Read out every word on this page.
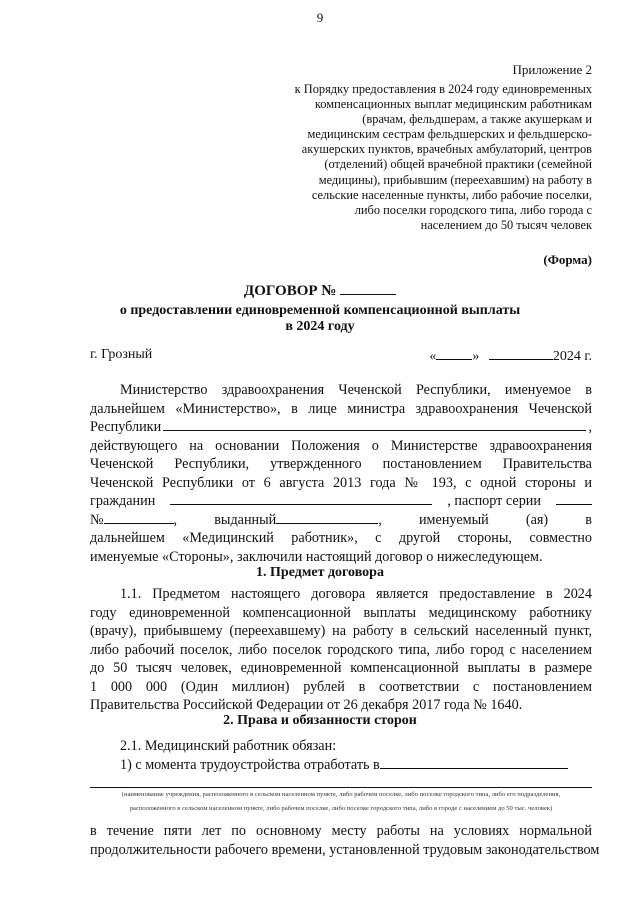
9
Приложение 2
к Порядку предоставления в 2024 году единовременных
компенсационных выплат медицинским работникам
(врачам, фельдшерам, а также акушеркам и
медицинским сестрам фельдшерских и фельдшерско-
акушерских пунктов, врачебных амбулаторий, центров
(отделений) общей врачебной практики (семейной
медицины), прибывшим (переехавшим) на работу в
сельские населенные пункты, либо рабочие поселки,
либо поселки городского типа, либо города с
населением до 50 тысяч человек
(Форма)
ДОГОВОР №
о предоставлении единовременной компенсационной выплаты
в 2024 году
г. Грозный	«	»	2024 г.
Министерство здравоохранения Чеченской Республики, именуемое в
дальнейшем «Министерство», в лице министра здравоохранения Чеченской
Республики	,
действующего на основании Положения о Министерстве здравоохранения
Чеченской Республики, утвержденного постановлением Правительства
Чеченской Республики от 6 августа 2013 года № 193, с одной стороны и
гражданин	, паспорт серии
№	,	выданный	,	именуемый	(ая)	в
дальнейшем «Медицинский работник», с другой стороны, совместно
именуемые «Стороны», заключили настоящий договор о нижеследующем.
1. Предмет договора
1.1. Предметом настоящего договора является предоставление в 2024
году единовременной компенсационной выплаты медицинскому работнику
(врачу), прибывшему (переехавшему) на работу в сельский населенный пункт,
либо рабочий поселок, либо поселок городского типа, либо город с населением
до 50 тысяч человек, единовременной компенсационной выплаты в размере
1 000 000 (Один миллион) рублей в соответствии с постановлением
Правительства Российской Федерации от 26 декабря 2017 года № 1640.
2. Права и обязанности сторон
2.1. Медицинский работник обязан:
1) с момента трудоустройства отработать в
(наименование учреждения, расположенного в сельском населенном пункте, либо рабочем поселке, либо поселке городского типа, либо его подразделения,
расположенного в сельском населенном пункте, либо рабочем поселке, либо поселке городского типа, либо в городе с населением до 50 тыс. человек)
в течение пяти лет по основному месту работы на условиях нормальной
продолжительности рабочего времени, установленной трудовым законодательством
